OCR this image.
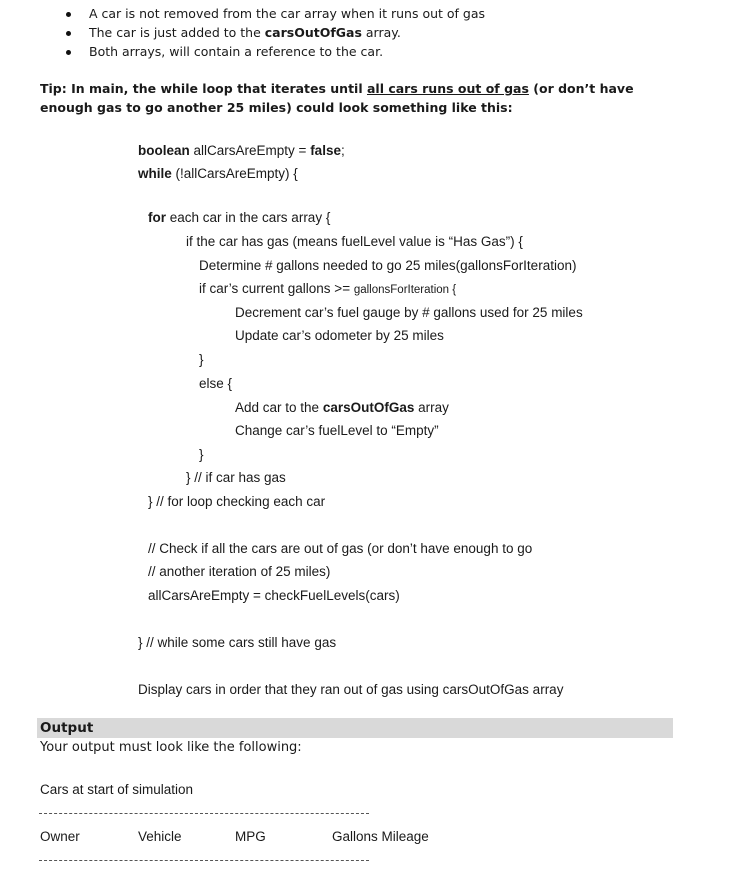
A car is not removed from the car array when it runs out of gas
The car is just added to the carsOutOfGas array.
Both arrays, will contain a reference to the car.
Tip: In main, the while loop that iterates until all cars runs out of gas (or don’t have enough gas to go another 25 miles) could look something like this:
boolean allCarsAreEmpty = false;
while (!allCarsAreEmpty) {
for each car in the cars array {
if the car has gas (means fuelLevel value is “Has Gas”) {
Determine # gallons needed to go 25 miles(gallonsForIteration)
if car’s current gallons >= gallonsForIteration {
Decrement car’s fuel gauge by # gallons used for 25 miles
Update car’s odometer by 25 miles
}
else {
Add car to the carsOutOfGas array
Change car’s fuelLevel to “Empty”
}
} // if car has gas
} // for loop checking each car
// Check if all the cars are out of gas (or don’t have enough to go
// another iteration of 25 miles)
allCarsAreEmpty = checkFuelLevels(cars)
} // while some cars still have gas
Display cars in order that they ran out of gas using carsOutOfGas array
Output
Your output must look like the following:
Cars at start of simulation
Owner	Vehicle	MPG	Gallons Mileage
